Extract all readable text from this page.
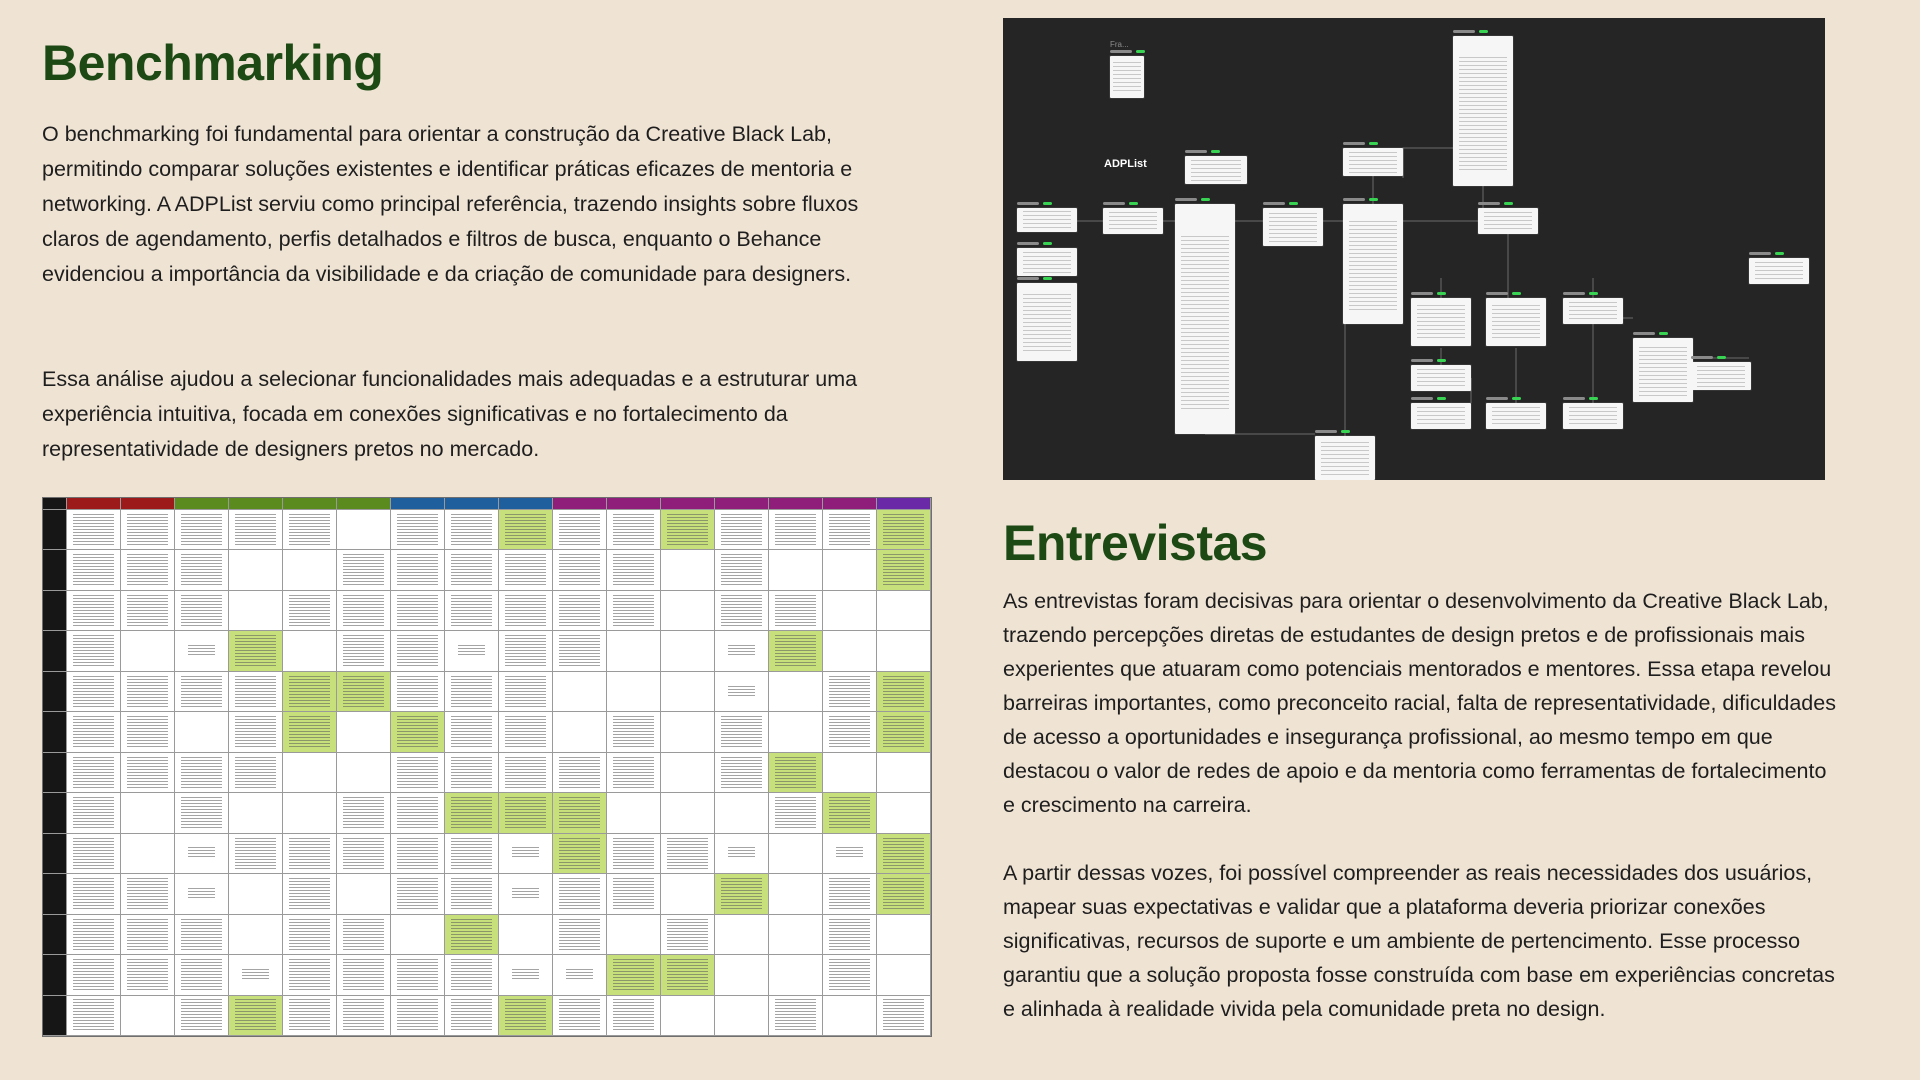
Benchmarking

O benchmarking foi fundamental para orientar a construção da Creative Black Lab, permitindo comparar soluções existentes e identificar práticas eficazes de mentoria e networking. A ADPList serviu como principal referência, trazendo insights sobre fluxos claros de agendamento, perfis detalhados e filtros de busca, enquanto o Behance evidenciou a importância da visibilidade e da criação de comunidade para designers.

Essa análise ajudou a selecionar funcionalidades mais adequadas e a estruturar uma experiência intuitiva, focada em conexões significativas e no fortalecimento da representatividade de designers pretos no mercado.

Fra...
ADPList
Entrevistas

As entrevistas foram decisivas para orientar o desenvolvimento da Creative Black Lab, trazendo percepções diretas de estudantes de design pretos e de profissionais mais experientes que atuaram como potenciais mentorados e mentores. Essa etapa revelou barreiras importantes, como preconceito racial, falta de representatividade, dificuldades de acesso a oportunidades e insegurança profissional, ao mesmo tempo em que destacou o valor de redes de apoio e da mentoria como ferramentas de fortalecimento e crescimento na carreira.

A partir dessas vozes, foi possível compreender as reais necessidades dos usuários, mapear suas expectativas e validar que a plataforma deveria priorizar conexões significativas, recursos de suporte e um ambiente de pertencimento. Esse processo garantiu que a solução proposta fosse construída com base em experiências concretas e alinhada à realidade vivida pela comunidade preta no design.
